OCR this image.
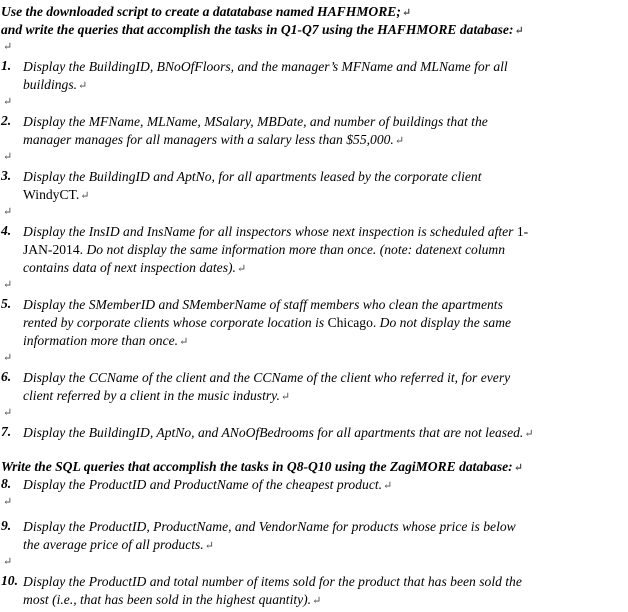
Use the downloaded script to create a datatabase named HAFHMORE;↵
and write the queries that accomplish the tasks in Q1-Q7 using the HAFHMORE database:↵
↵
1. Display the BuildingID, BNoOfFloors, and the manager’s MFName and MLName for all
buildings.↵
↵
2. Display the MFName, MLName, MSalary, MBDate, and number of buildings that the
manager manages for all managers with a salary less than $55,000.↵
↵
3. Display the BuildingID and AptNo, for all apartments leased by the corporate client
WindyCT.↵
↵
4. Display the InsID and InsName for all inspectors whose next inspection is scheduled after 1-
JAN-2014. Do not display the same information more than once. (note: datenext column
contains data of next inspection dates).↵
↵
5. Display the SMemberID and SMemberName of staff members who clean the apartments
rented by corporate clients whose corporate location is Chicago. Do not display the same
information more than once.↵
↵
6. Display the CCName of the client and the CCName of the client who referred it, for every
client referred by a client in the music industry.↵
↵
7. Display the BuildingID, AptNo, and ANoOfBedrooms for all apartments that are not leased.↵
Write the SQL queries that accomplish the tasks in Q8-Q10 using the ZagiMORE database:↵
8. Display the ProductID and ProductName of the cheapest product.↵
↵
9. Display the ProductID, ProductName, and VendorName for products whose price is below
the average price of all products.↵
↵
10. Display the ProductID and total number of items sold for the product that has been sold the
most (i.e., that has been sold in the highest quantity).↵
